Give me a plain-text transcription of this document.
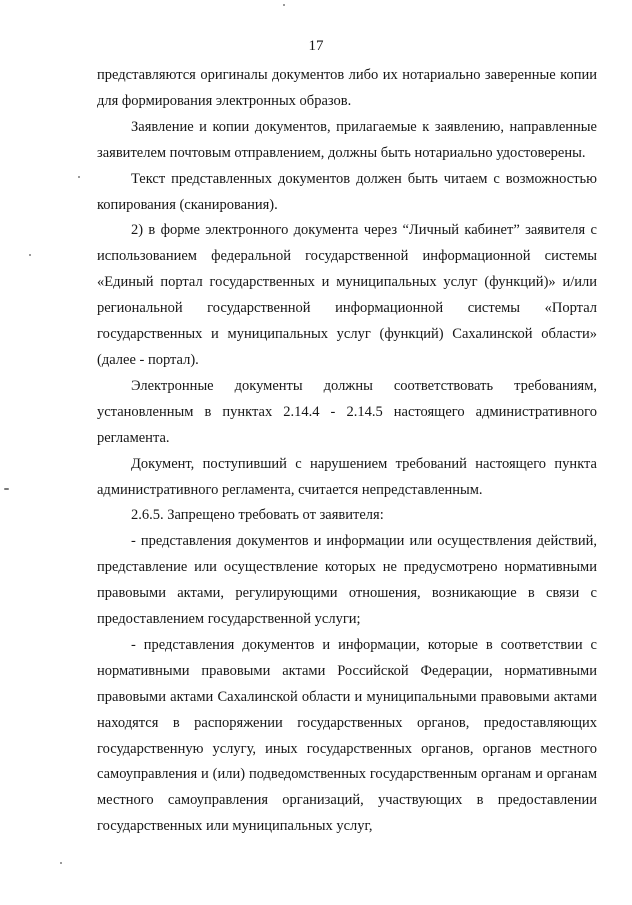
17

представляются оригиналы документов либо их нотариально заверенные копии для формирования электронных образов.

Заявление и копии документов, прилагаемые к заявлению, направленные заявителем почтовым отправлением, должны быть нотариально удостоверены.

Текст представленных документов должен быть читаем с возможностью копирования (сканирования).

2) в форме электронного документа через “Личный кабинет” заявителя с использованием федеральной государственной информационной системы «Единый портал государственных и муниципальных услуг (функций)» и/или региональной государственной информационной системы «Портал государственных и муниципальных услуг (функций) Сахалинской области» (далее - портал).

Электронные документы должны соответствовать требованиям, установленным в пунктах 2.14.4 - 2.14.5 настоящего административного регламента.

Документ, поступивший с нарушением требований настоящего пункта административного регламента, считается непредставленным.

2.6.5. Запрещено требовать от заявителя:

- представления документов и информации или осуществления действий, представление или осуществление которых не предусмотрено нормативными правовыми актами, регулирующими отношения, возникающие в связи с предоставлением государственной услуги;

- представления документов и информации, которые в соответствии с нормативными правовыми актами Российской Федерации, нормативными правовыми актами Сахалинской области и муниципальными правовыми актами находятся в распоряжении государственных органов, предоставляющих государственную услугу, иных государственных органов, органов местного самоуправления и (или) подведомственных государственным органам и органам местного самоуправления организаций, участвующих в предоставлении государственных или муниципальных услуг,
